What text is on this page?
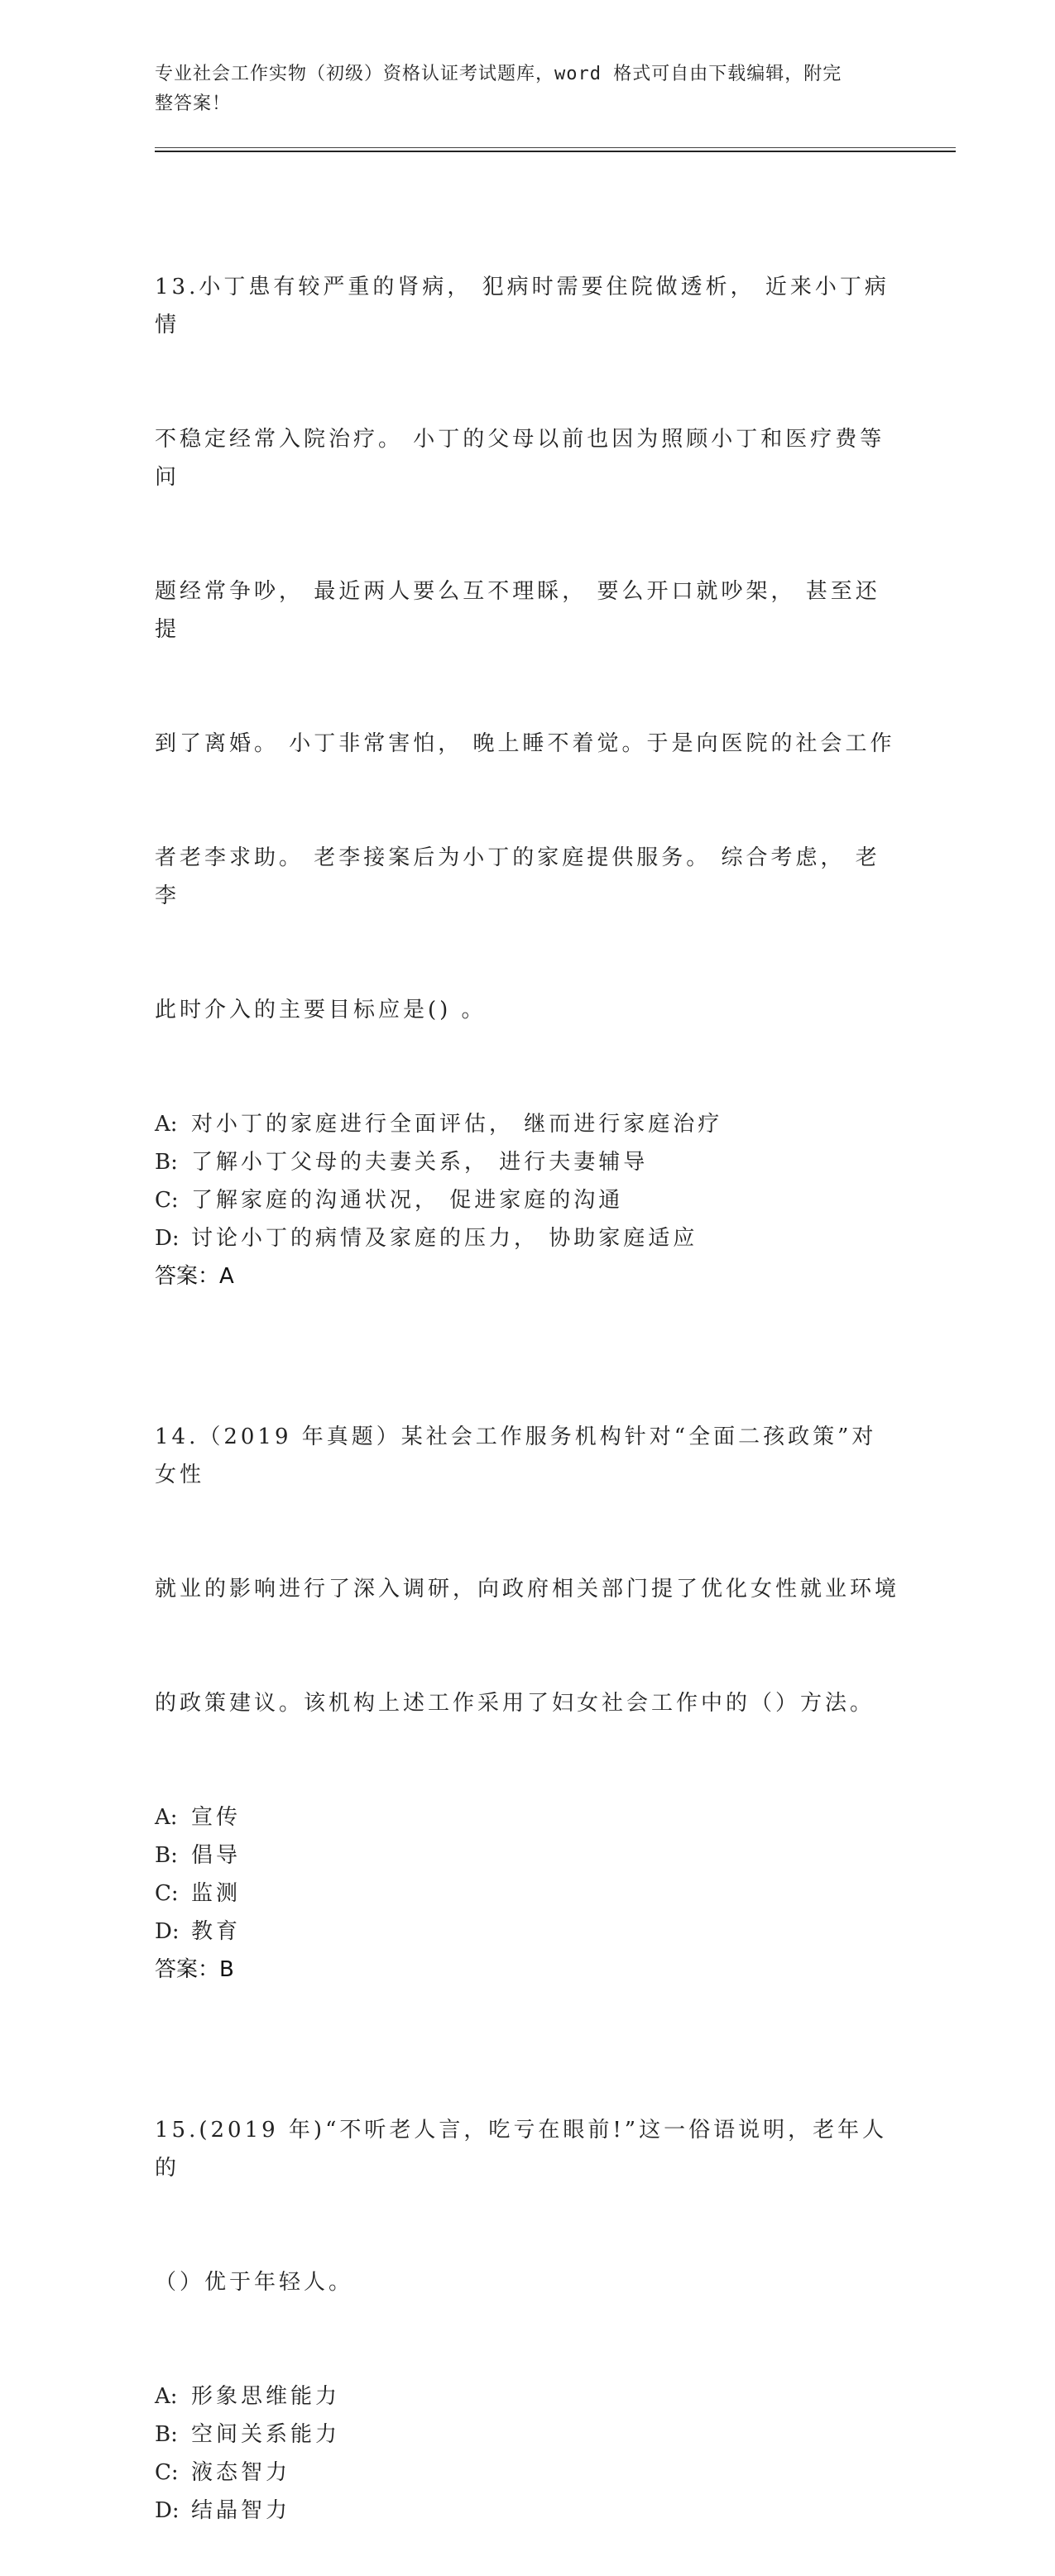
专业社会工作实物（初级）资格认证考试题库，word 格式可自由下载编辑，附完
整答案！

13.小丁患有较严重的肾病， 犯病时需要住院做透析， 近来小丁病情

不稳定经常入院治疗。 小丁的父母以前也因为照顾小丁和医疗费等问

题经常争吵， 最近两人要么互不理睬， 要么开口就吵架， 甚至还提

到了离婚。 小丁非常害怕， 晚上睡不着觉。于是向医院的社会工作

者老李求助。 老李接案后为小丁的家庭提供服务。 综合考虑， 老李

此时介入的主要目标应是() 。

A: 对小丁的家庭进行全面评估， 继而进行家庭治疗
B: 了解小丁父母的夫妻关系， 进行夫妻辅导
C: 了解家庭的沟通状况， 促进家庭的沟通
D: 讨论小丁的病情及家庭的压力， 协助家庭适应
答案：A

14.（2019 年真题）某社会工作服务机构针对“全面二孩政策”对女性

就业的影响进行了深入调研，向政府相关部门提了优化女性就业环境

的政策建议。该机构上述工作采用了妇女社会工作中的（）方法。

A: 宣传
B: 倡导
C: 监测
D: 教育
答案：B

15.(2019 年)“不听老人言，吃亏在眼前!”这一俗语说明，老年人的

（）优于年轻人。

A: 形象思维能力
B: 空间关系能力
C: 液态智力
D: 结晶智力
